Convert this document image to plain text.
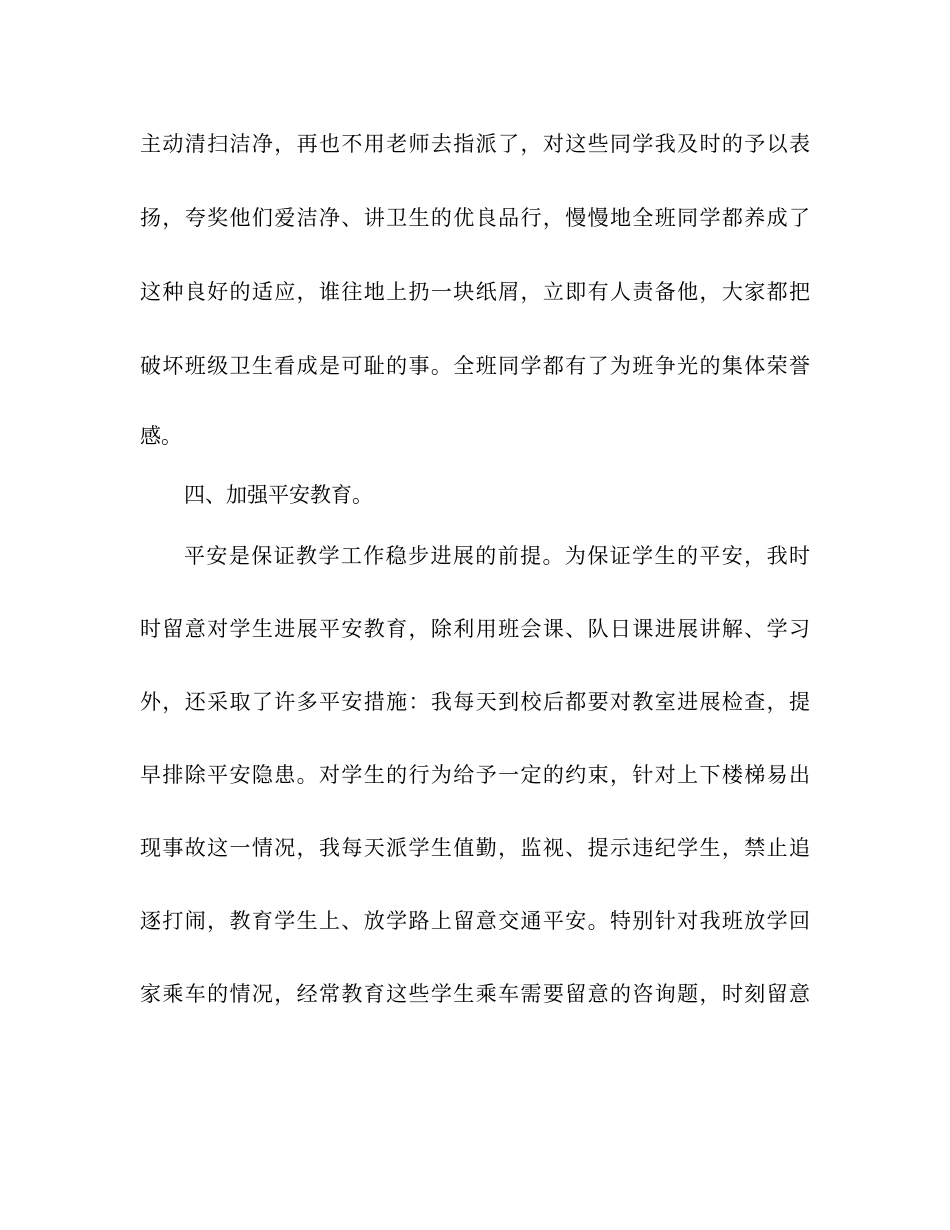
主动清扫洁净，再也不用老师去指派了，对这些同学我及时的予以表
扬，夸奖他们爱洁净、讲卫生的优良品行，慢慢地全班同学都养成了
这种良好的适应，谁往地上扔一块纸屑，立即有人责备他，大家都把
破坏班级卫生看成是可耻的事。全班同学都有了为班争光的集体荣誉
感。
四、加强平安教育。
平安是保证教学工作稳步进展的前提。为保证学生的平安，我时
时留意对学生进展平安教育，除利用班会课、队日课进展讲解、学习
外，还采取了许多平安措施：我每天到校后都要对教室进展检查，提
早排除平安隐患。对学生的行为给予一定的约束，针对上下楼梯易出
现事故这一情况，我每天派学生值勤，监视、提示违纪学生，禁止追
逐打闹，教育学生上、放学路上留意交通平安。特别针对我班放学回
家乘车的情况，经常教育这些学生乘车需要留意的咨询题，时刻留意
